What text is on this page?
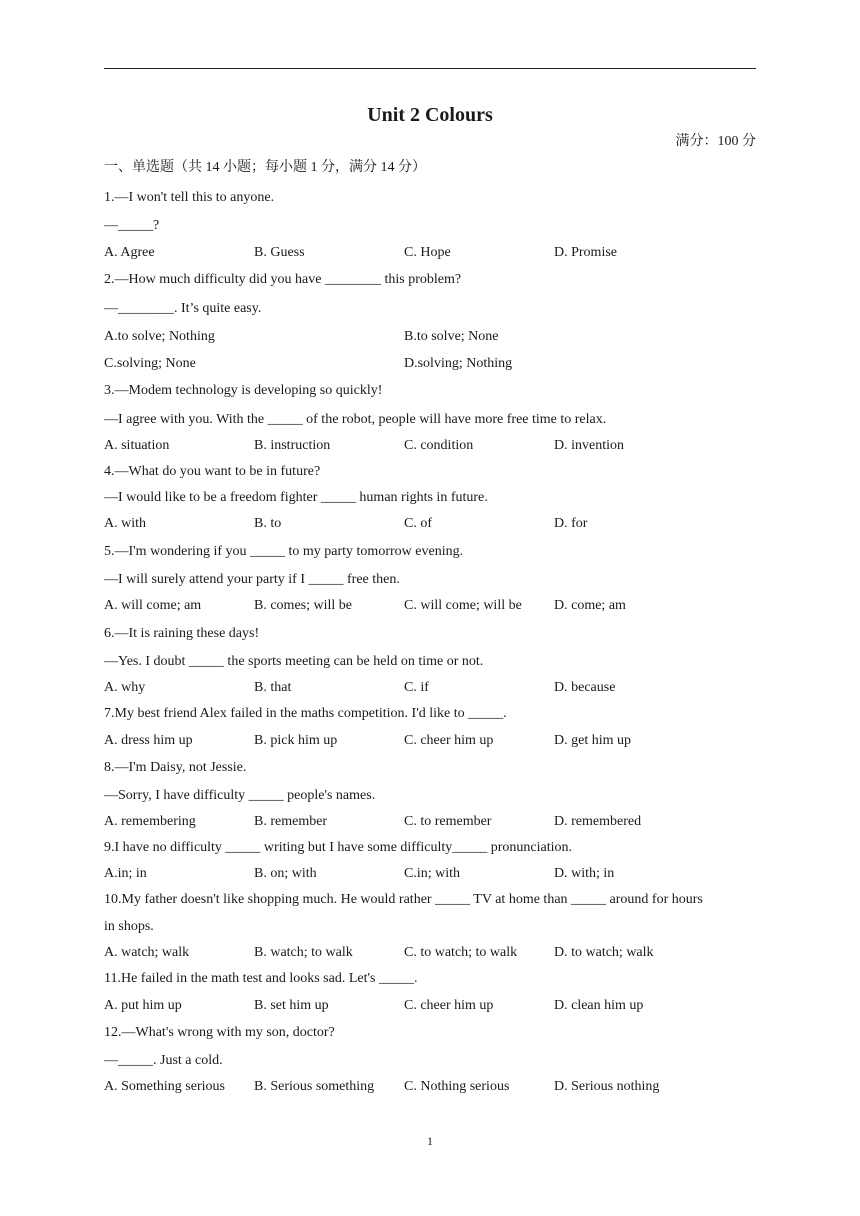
Unit 2 Colours
满分：100 分
一、单选题（共 14 小题；每小题 1 分，满分 14 分）
1.—I won't tell this to anyone.
—_____?
A. Agree	B. Guess	C. Hope	D. Promise
2.—How much difficulty did you have ________ this problem?
—________. It’s quite easy.
A.to solve; Nothing	B.to solve; None
C.solving; None	D.solving; Nothing
3.—Modem technology is developing so quickly!
—I agree with you. With the _____ of the robot, people will have more free time to relax.
A. situation	B. instruction	C. condition	D. invention
4.—What do you want to be in future?
—I would like to be a freedom fighter _____ human rights in future.
A. with	B. to	C. of	D. for
5.—I'm wondering if you _____ to my party tomorrow evening.
—I will surely attend your party if I _____ free then.
A. will come; am	B. comes; will be	C. will come; will be D. come; am
6.—It is raining these days!
—Yes. I doubt _____ the sports meeting can be held on time or not.
A. why	B. that	C. if	D. because
7.My best friend Alex failed in the maths competition. I'd like to _____.
A. dress him up	B. pick him up	C. cheer him up	D. get him up
8.—I'm Daisy, not Jessie.
—Sorry, I have difficulty _____ people's names.
A. remembering	B. remember	C. to remember	D. remembered
9.I have no difficulty _____ writing but I have some difficulty_____ pronunciation.
A.in; in	B. on; with	C.in; with	D. with; in
10.My father doesn't like shopping much. He would rather _____ TV at home than _____ around for hours
in shops.
A. watch; walk	B. watch; to walk	C. to watch; to walk	D. to watch; walk
11.He failed in the math test and looks sad. Let's _____.
A. put him up	B. set him up	C. cheer him up	D. clean him up
12.—What's wrong with my son, doctor?
—_____. Just a cold.
A. Something serious B. Serious something C. Nothing serious	D. Serious nothing
1
